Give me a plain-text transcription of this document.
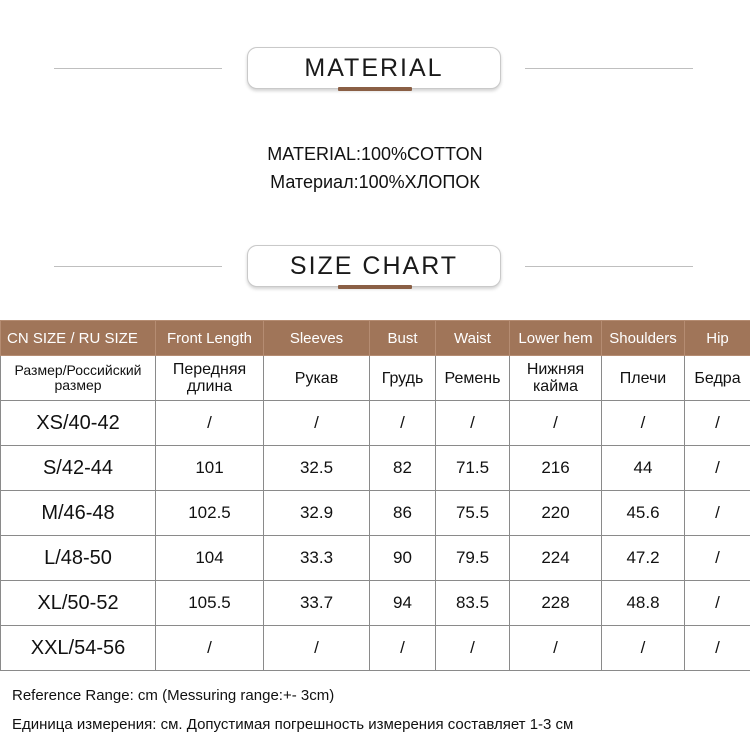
MATERIAL
MATERIAL:100%COTTON
Материал:100%ХЛОПОК
SIZE CHART
CN SIZE / RU SIZE	Front Length	Sleeves	Bust	Waist	Lower hem	Shoulders	Hip
Размер/Российский размер	Передняя длина	Рукав	Грудь	Ремень	Нижняя кайма	Плечи	Бедра
XS/40-42	/	/	/	/	/	/	/
S/42-44	101	32.5	82	71.5	216	44	/
M/46-48	102.5	32.9	86	75.5	220	45.6	/
L/48-50	104	33.3	90	79.5	224	47.2	/
XL/50-52	105.5	33.7	94	83.5	228	48.8	/
XXL/54-56	/	/	/	/	/	/	/
Reference Range: cm (Messuring range:+- 3cm)
Единица измерения: см. Допустимая погрешность измерения составляет 1-3 см
